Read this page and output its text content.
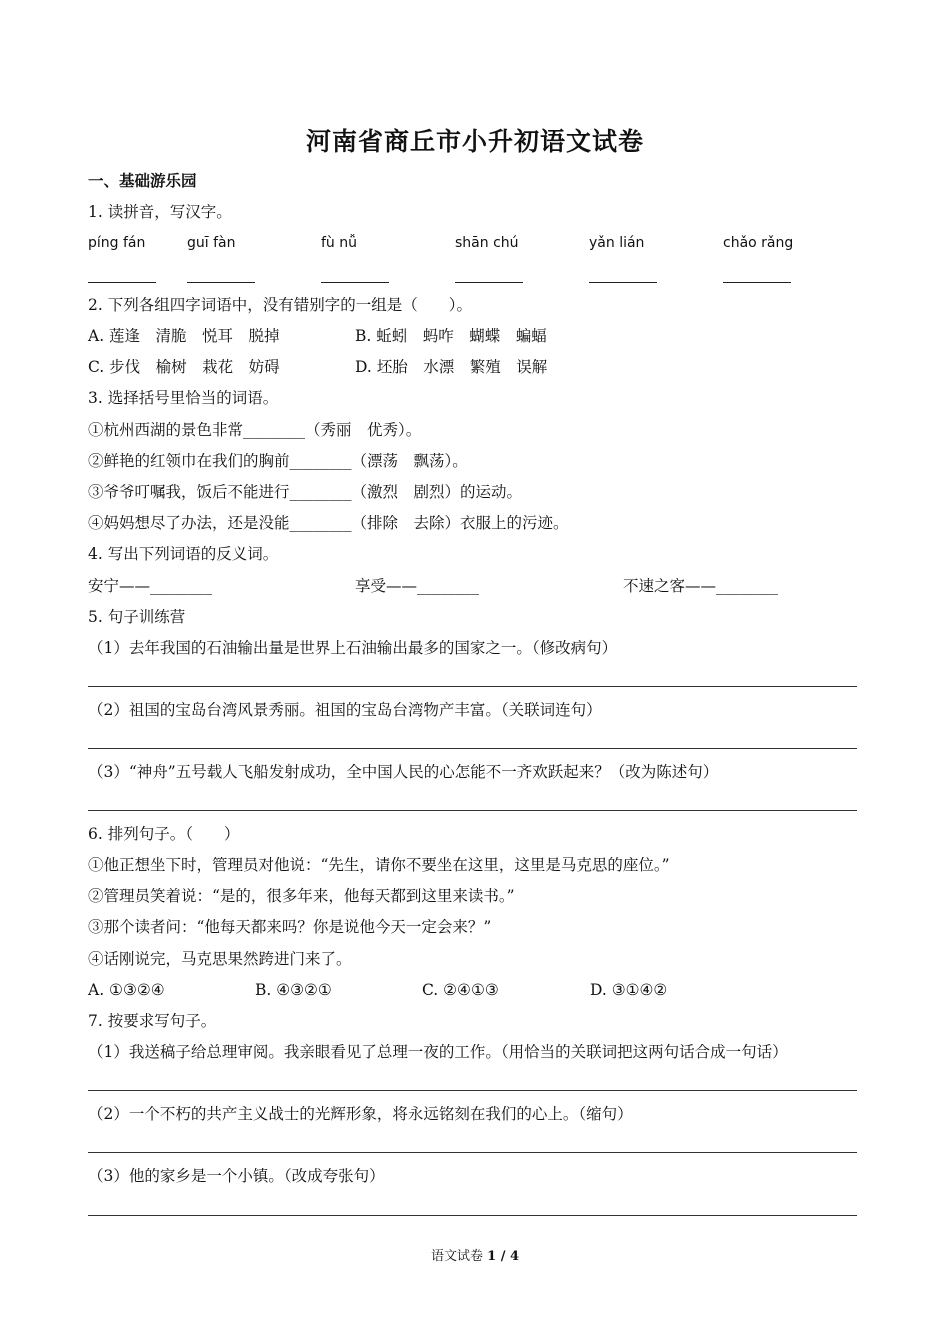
河南省商丘市小升初语文试卷
一、基础游乐园
1. 读拼音，写汉字。
píng fán	guī fàn	fù nǚ	shān chú	yǎn lián	chǎo rǎng
2. 下列各组四字词语中，没有错别字的一组是（　　）。
A. 莲逢　清脆　悦耳　脱掉	B. 蚯蚓　蚂咋　蝴蝶　蝙蝠
C. 步伐　榆树　栽花　妨碍	D. 坯胎　水漂　繁殖　误解
3. 选择括号里恰当的词语。
①杭州西湖的景色非常________（秀丽　优秀）。
②鲜艳的红领巾在我们的胸前________（漂荡　飘荡）。
③爷爷叮嘱我，饭后不能进行________（激烈　剧烈）的运动。
④妈妈想尽了办法，还是没能________（排除　去除）衣服上的污迹。
4. 写出下列词语的反义词。
安宁——________	享受——________	不速之客——________
5. 句子训练营
（1）去年我国的石油输出量是世界上石油输出最多的国家之一。（修改病句）
（2）祖国的宝岛台湾风景秀丽。祖国的宝岛台湾物产丰富。（关联词连句）
（3）“神舟”五号载人飞船发射成功，全中国人民的心怎能不一齐欢跃起来？（改为陈述句）
6. 排列句子。（　　）
①他正想坐下时，管理员对他说：“先生，请你不要坐在这里，这里是马克思的座位。”
②管理员笑着说：“是的，很多年来，他每天都到这里来读书。”
③那个读者问：“他每天都来吗？你是说他今天一定会来？”
④话刚说完，马克思果然跨进门来了。
A. ①③②④	B. ④③②①	C. ②④①③	D. ③①④②
7. 按要求写句子。
（1）我送稿子给总理审阅。我亲眼看见了总理一夜的工作。（用恰当的关联词把这两句话合成一句话）
（2）一个不朽的共产主义战士的光辉形象，将永远铭刻在我们的心上。（缩句）
（3）他的家乡是一个小镇。（改成夸张句）
语文试卷 1 / 4
